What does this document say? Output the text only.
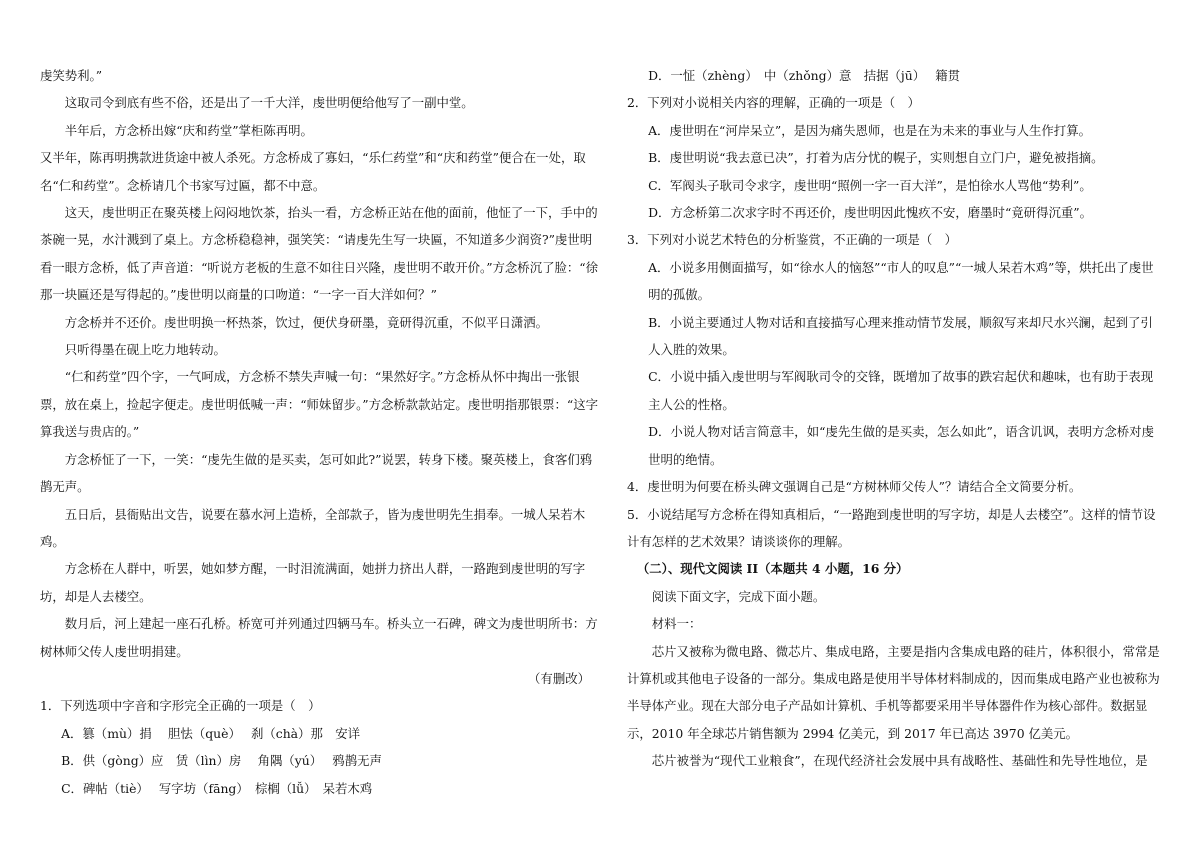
虔笑势利。”

这取司令到底有些不俗，还是出了一千大洋，虔世明便给他写了一副中堂。

半年后，方念桥出嫁“庆和药堂”掌柜陈再明。

又半年，陈再明携款进货途中被人杀死。方念桥成了寡妇，“乐仁药堂”和“庆和药堂”便合在一处，取名“仁和药堂”。念桥请几个书家写过匾，都不中意。

这天，虔世明正在聚英楼上闷闷地饮茶，抬头一看，方念桥正站在他的面前，他怔了一下，手中的茶碗一晃，水汁溅到了桌上。方念桥稳稳神，强笑笑：“请虔先生写一块匾，不知道多少润资?”虔世明看一眼方念桥，低了声音道：“听说方老板的生意不如往日兴隆，虔世明不敢开价。”方念桥沉了脸：“徐那一块匾还是写得起的。”虔世明以商量的口吻道：“一字一百大洋如何？”

方念桥并不还价。虔世明换一杯热茶，饮过，便伏身研墨，竟研得沉重，不似平日潇洒。

只听得墨在砚上吃力地转动。

“仁和药堂”四个字，一气呵成，方念桥不禁失声喊一句：“果然好字。”方念桥从怀中掏出一张银票，放在桌上，捡起字便走。虔世明低喊一声：“师妹留步。”方念桥款款站定。虔世明指那银票：“这字算我送与贵店的。”

方念桥怔了一下，一笑：“虔先生做的是买卖，怎可如此?”说罢，转身下楼。聚英楼上，食客们鸦鹊无声。

五日后，县衙贴出文告，说要在慕水河上造桥，全部款子，皆为虔世明先生捐奉。一城人呆若木鸡。

方念桥在人群中，听罢，她如梦方醒，一时泪流满面，她拼力挤出人群，一路跑到虔世明的写字坊，却是人去楼空。

数月后，河上建起一座石孔桥。桥宽可并列通过四辆马车。桥头立一石碑，碑文为虔世明所书：方树林师父传人虔世明捐建。

（有删改）

1．下列选项中字音和字形完全正确的一项是（　）

A．篡（mù）捐　 胆怯（què）　 刹（chà）那　安详

B．供（gòng）应　赁（lìn）房　 角隅（yú）　 鸦鹊无声

C．碑帖（tiè）　 写字坊（fāng）　棕榈（lǚ）　呆若木鸡

D．一怔（zhèng）　中（zhǒng）意　拮据（jū）　 籍贯

2．下列对小说相关内容的理解，正确的一项是（　）

A．虔世明在“河岸呆立”，是因为痛失恩师，也是在为未来的事业与人生作打算。

B．虔世明说“我去意已决”，打着为店分忧的幌子，实则想自立门户，避免被指摘。

C．军阀头子耿司令求字，虔世明“照例一字一百大洋”，是怕徐水人骂他“势利”。

D．方念桥第二次求字时不再还价，虔世明因此愧疚不安，磨墨时“竟研得沉重”。

3．下列对小说艺术特色的分析鉴赏，不正确的一项是（　）

A．小说多用侧面描写，如“徐水人的恼怒”“市人的叹息”“一城人呆若木鸡”等，烘托出了虔世明的孤傲。

B．小说主要通过人物对话和直接描写心理来推动情节发展，顺叙写来却尺水兴澜，起到了引人入胜的效果。

C．小说中插入虔世明与军阀耿司令的交锋，既增加了故事的跌宕起伏和趣味，也有助于表现主人公的性格。

D．小说人物对话言简意丰，如“虔先生做的是买卖，怎么如此”，语含讥讽，表明方念桥对虔世明的绝情。

4．虔世明为何要在桥头碑文强调自己是“方树林师父传人”？请结合全文简要分析。

5．小说结尾写方念桥在得知真相后，“一路跑到虔世明的写字坊，却是人去楼空”。这样的情节设计有怎样的艺术效果？请谈谈你的理解。

（二）、现代文阅读 II（本题共 4 小题，16 分）

阅读下面文字，完成下面小题。

材料一：

芯片又被称为微电路、微芯片、集成电路，主要是指内含集成电路的硅片，体积很小，常常是计算机或其他电子设备的一部分。集成电路是使用半导体材料制成的，因而集成电路产业也被称为半导体产业。现在大部分电子产品如计算机、手机等都要采用半导体器件作为核心部件。数据显示，2010 年全球芯片销售额为 2994 亿美元，到 2017 年已高达 3970 亿美元。

芯片被誉为“现代工业粮食”，在现代经济社会发展中具有战略性、基础性和先导性地位，是
